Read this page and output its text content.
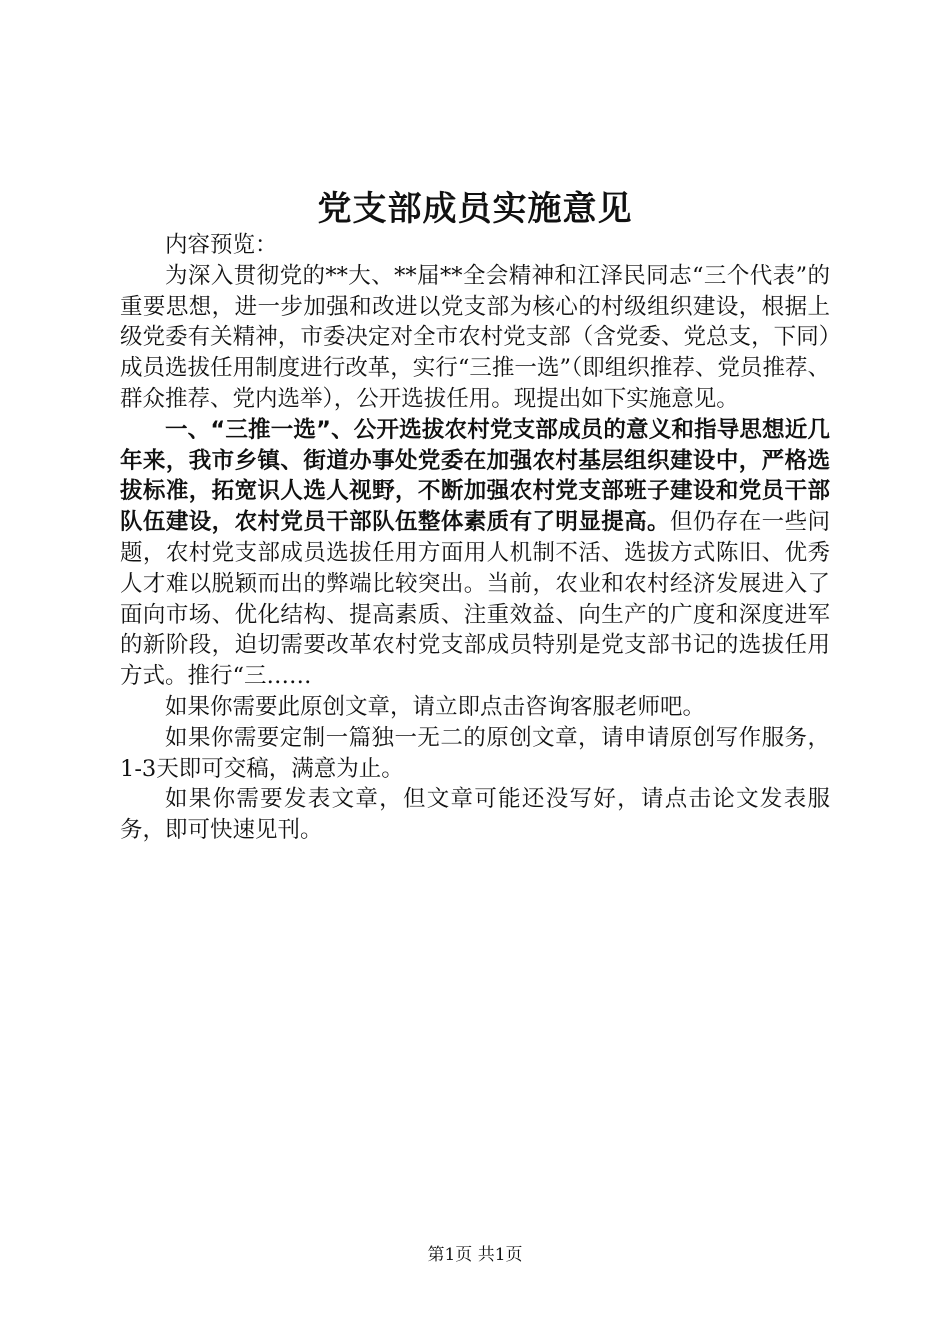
党支部成员实施意见

内容预览：

为深入贯彻党的**大、**届**全会精神和江泽民同志“三个代表”的重要思想，进一步加强和改进以党支部为核心的村级组织建设，根据上级党委有关精神，市委决定对全市农村党支部（含党委、党总支，下同）成员选拔任用制度进行改革，实行“三推一选”（即组织推荐、党员推荐、群众推荐、党内选举），公开选拔任用。现提出如下实施意见。

一、“三推一选”、公开选拔农村党支部成员的意义和指导思想近几年来，我市乡镇、街道办事处党委在加强农村基层组织建设中，严格选拔标准，拓宽识人选人视野，不断加强农村党支部班子建设和党员干部队伍建设，农村党员干部队伍整体素质有了明显提高。但仍存在一些问题，农村党支部成员选拔任用方面用人机制不活、选拔方式陈旧、优秀人才难以脱颖而出的弊端比较突出。当前，农业和农村经济发展进入了面向市场、优化结构、提高素质、注重效益、向生产的广度和深度进军的新阶段，迫切需要改革农村党支部成员特别是党支部书记的选拔任用方式。推行“三……

如果你需要此原创文章，请立即点击咨询客服老师吧。

如果你需要定制一篇独一无二的原创文章，请申请原创写作服务，1-3天即可交稿，满意为止。

如果你需要发表文章，但文章可能还没写好，请点击论文发表服务，即可快速见刊。

第1页 共1页
